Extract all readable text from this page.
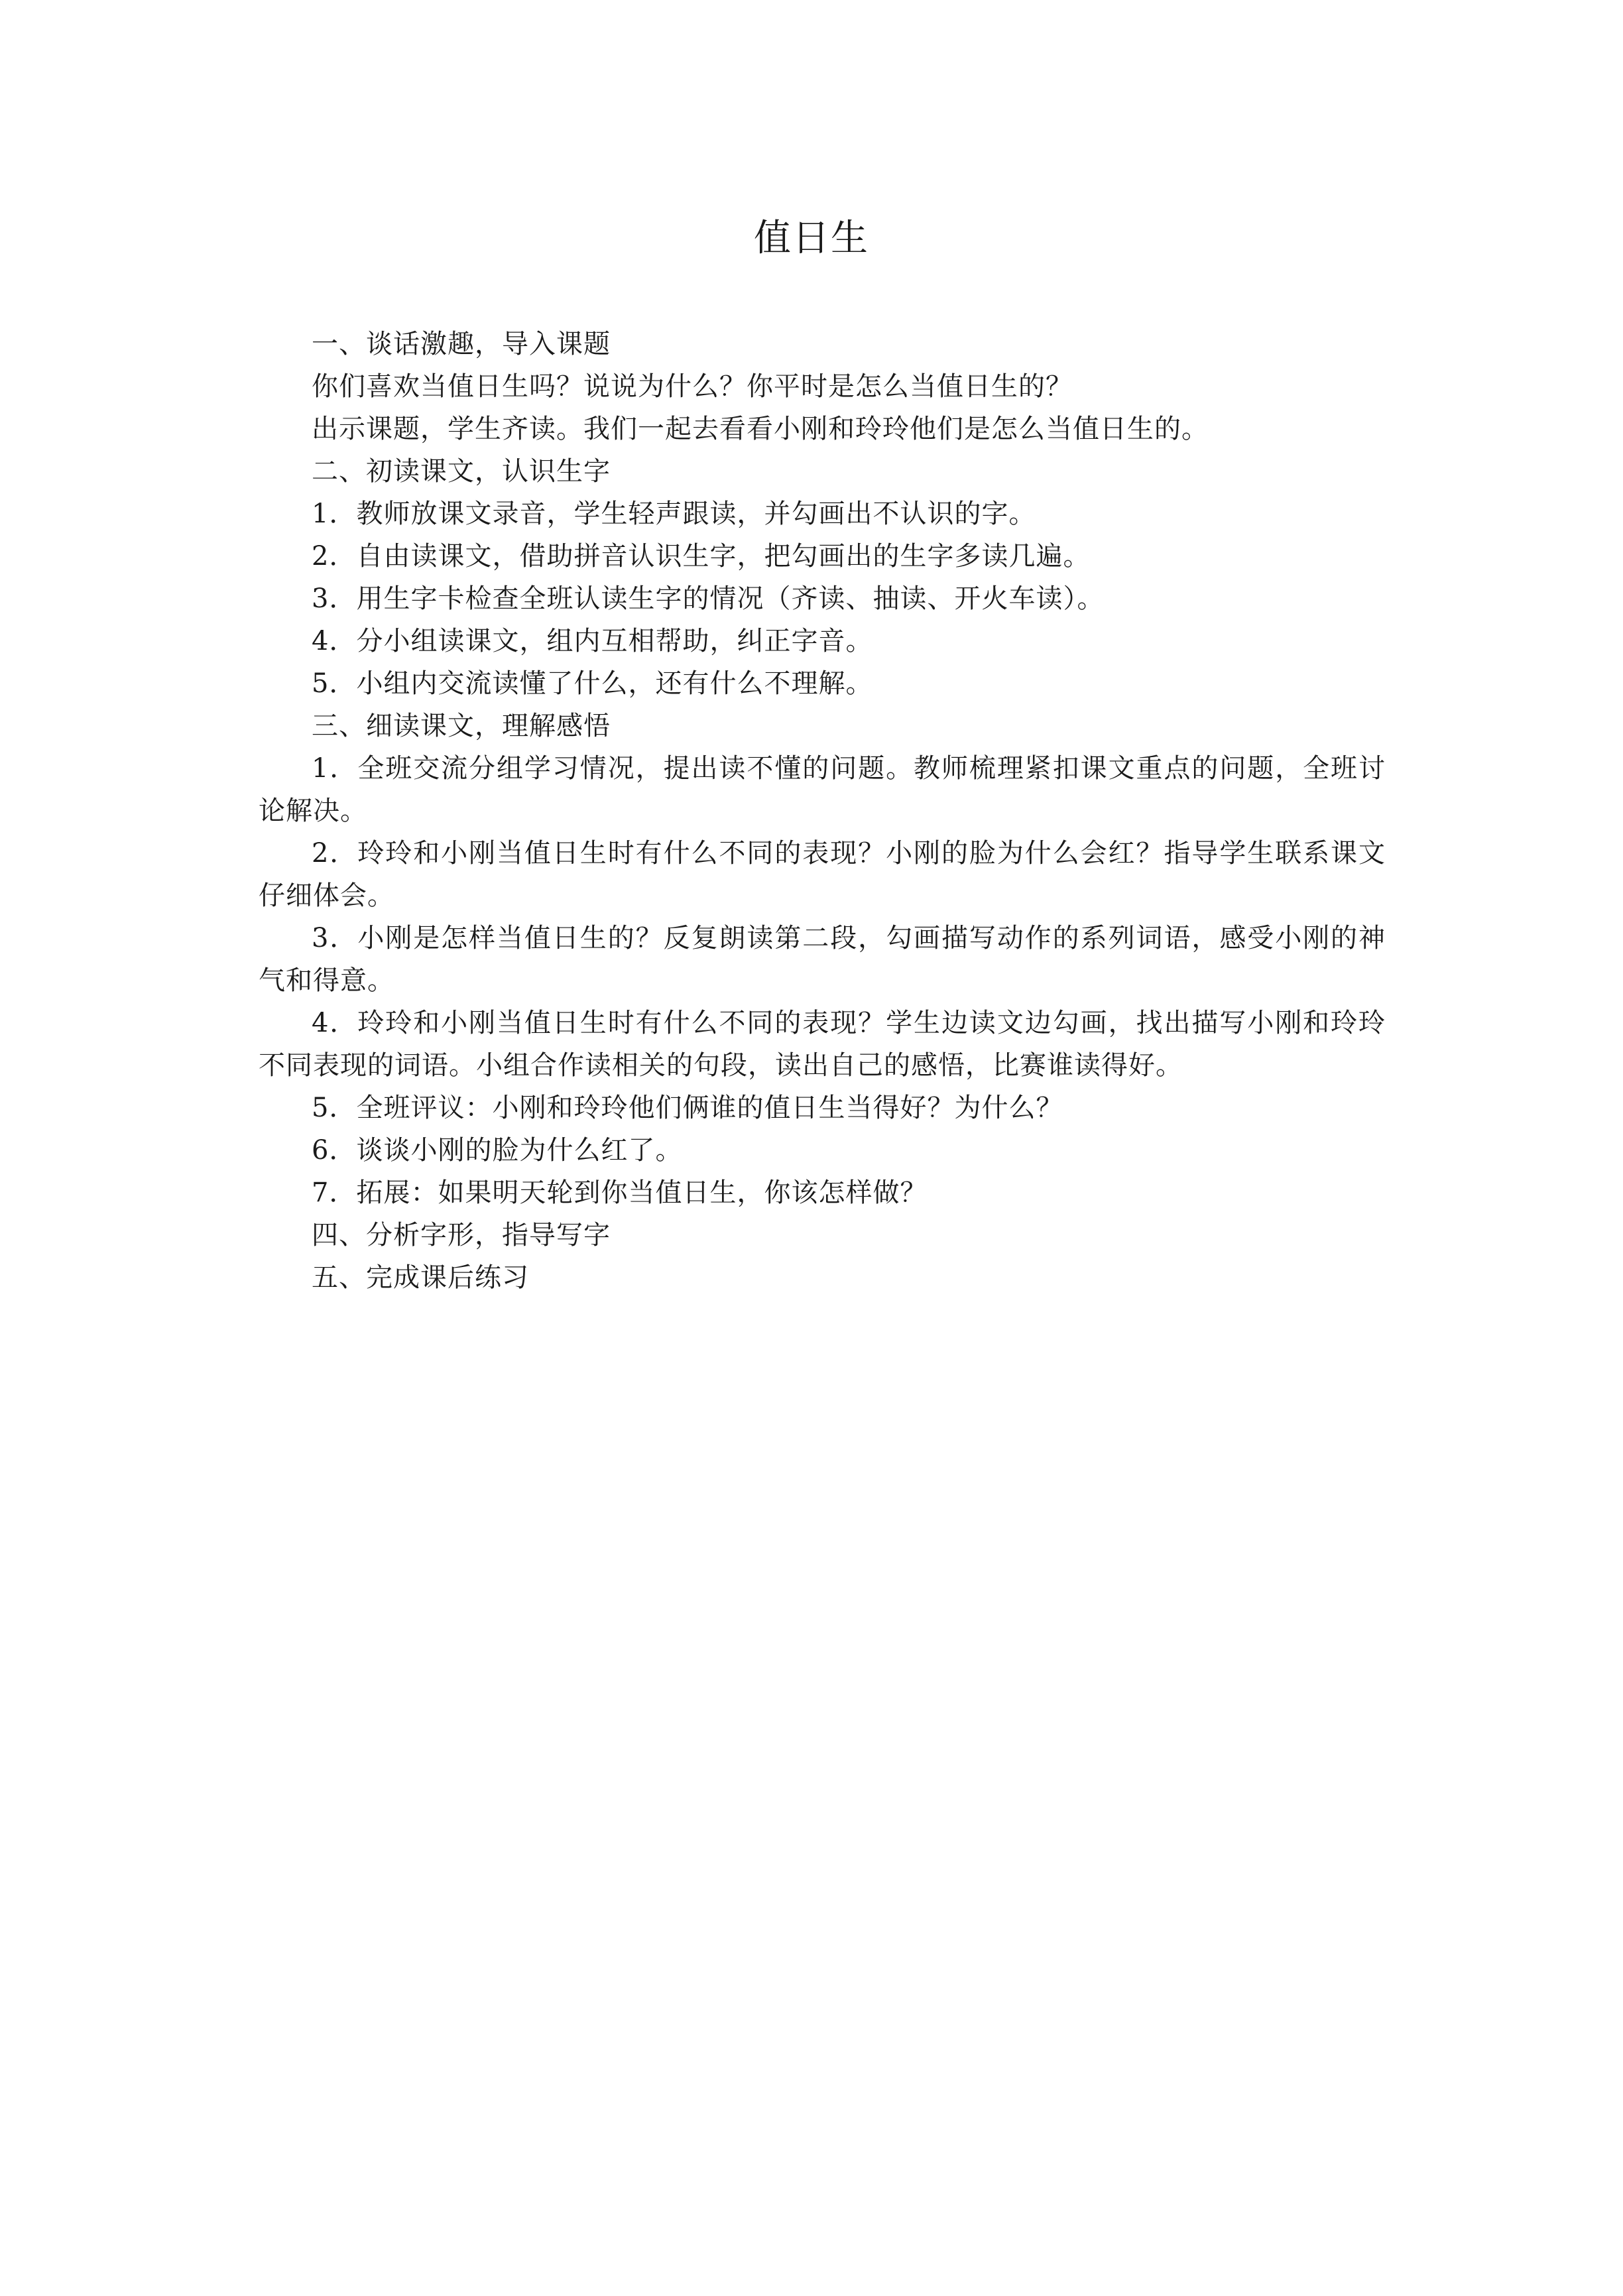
值日生

一、谈话激趣，导入课题

你们喜欢当值日生吗？说说为什么？你平时是怎么当值日生的？

出示课题，学生齐读。我们一起去看看小刚和玲玲他们是怎么当值日生的。

二、初读课文，认识生字

1．教师放课文录音，学生轻声跟读，并勾画出不认识的字。

2．自由读课文，借助拼音认识生字，把勾画出的生字多读几遍。

3．用生字卡检查全班认读生字的情况（齐读、抽读、开火车读）。

4．分小组读课文，组内互相帮助，纠正字音。

5．小组内交流读懂了什么，还有什么不理解。

三、细读课文，理解感悟

1．全班交流分组学习情况，提出读不懂的问题。教师梳理紧扣课文重点的问题，全班讨论解决。

2．玲玲和小刚当值日生时有什么不同的表现？小刚的脸为什么会红？指导学生联系课文仔细体会。

3．小刚是怎样当值日生的？反复朗读第二段，勾画描写动作的系列词语，感受小刚的神气和得意。

4．玲玲和小刚当值日生时有什么不同的表现？学生边读文边勾画，找出描写小刚和玲玲不同表现的词语。小组合作读相关的句段，读出自己的感悟，比赛谁读得好。

5．全班评议：小刚和玲玲他们俩谁的值日生当得好？为什么？

6．谈谈小刚的脸为什么红了。

7．拓展：如果明天轮到你当值日生，你该怎样做？

四、分析字形，指导写字

五、完成课后练习
